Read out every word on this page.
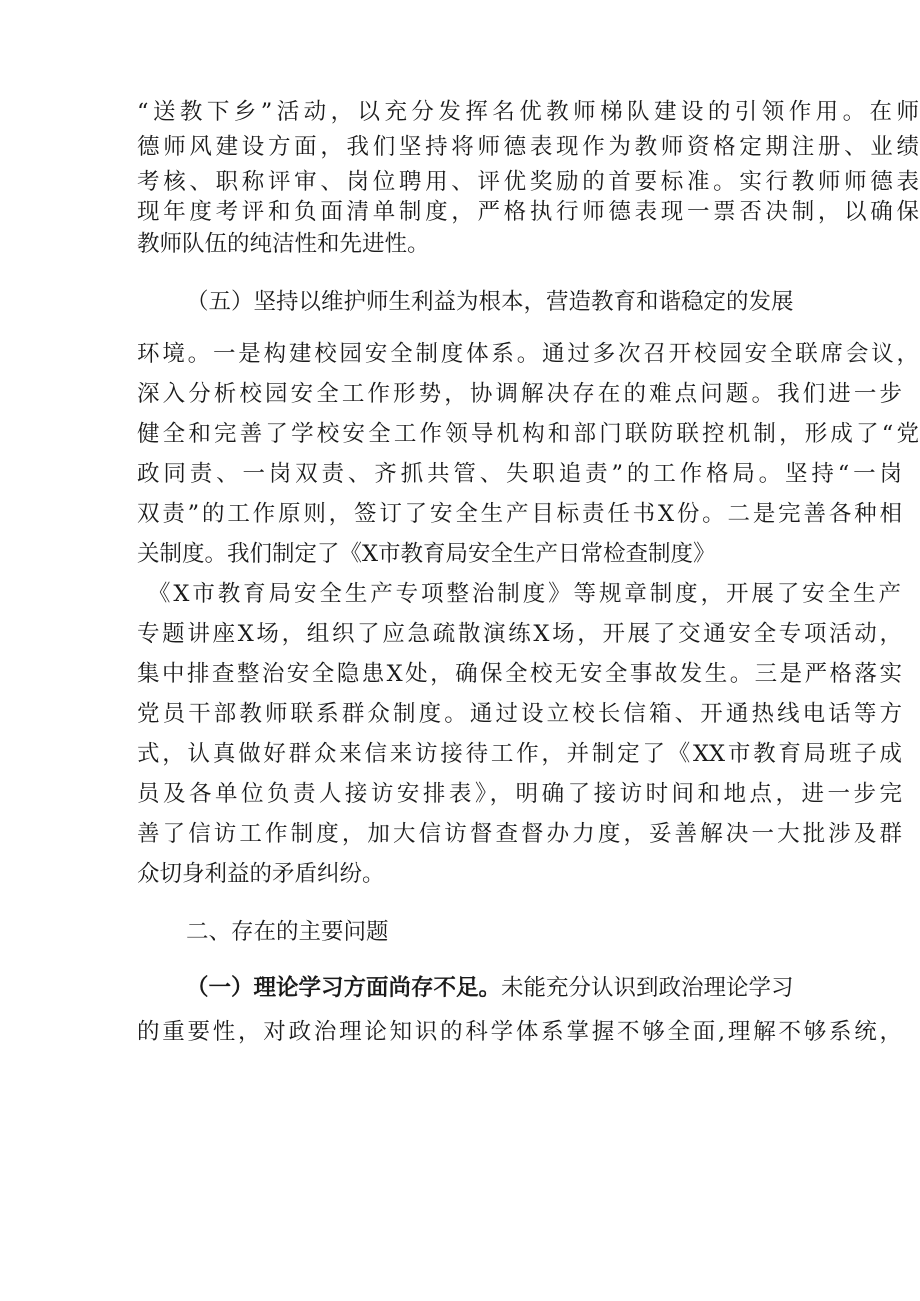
“送教下乡”活动，以充分发挥名优教师梯队建设的引领作用。在师
德师风建设方面，我们坚持将师德表现作为教师资格定期注册、业绩
考核、职称评审、岗位聘用、评优奖励的首要标准。实行教师师德表
现年度考评和负面清单制度，严格执行师德表现一票否决制，以确保
教师队伍的纯洁性和先进性。
（五）坚持以维护师生利益为根本，营造教育和谐稳定的发展
环境。一是构建校园安全制度体系。通过多次召开校园安全联席会议，
深入分析校园安全工作形势，协调解决存在的难点问题。我们进一步
健全和完善了学校安全工作领导机构和部门联防联控机制，形成了“党
政同责、一岗双责、齐抓共管、失职追责”的工作格局。坚持“一岗
双责”的工作原则，签订了安全生产目标责任书X份。二是完善各种相
关制度。我们制定了《X市教育局安全生产日常检查制度》
《X市教育局安全生产专项整治制度》等规章制度，开展了安全生产
专题讲座X场，组织了应急疏散演练X场，开展了交通安全专项活动，
集中排查整治安全隐患X处，确保全校无安全事故发生。三是严格落实
党员干部教师联系群众制度。通过设立校长信箱、开通热线电话等方
式，认真做好群众来信来访接待工作，并制定了《XX市教育局班子成
员及各单位负责人接访安排表》，明确了接访时间和地点，进一步完
善了信访工作制度，加大信访督查督办力度，妥善解决一大批涉及群
众切身利益的矛盾纠纷。
二、存在的主要问题
（一）理论学习方面尚存不足。未能充分认识到政治理论学习
的重要性，对政治理论知识的科学体系掌握不够全面,理解不够系统，
